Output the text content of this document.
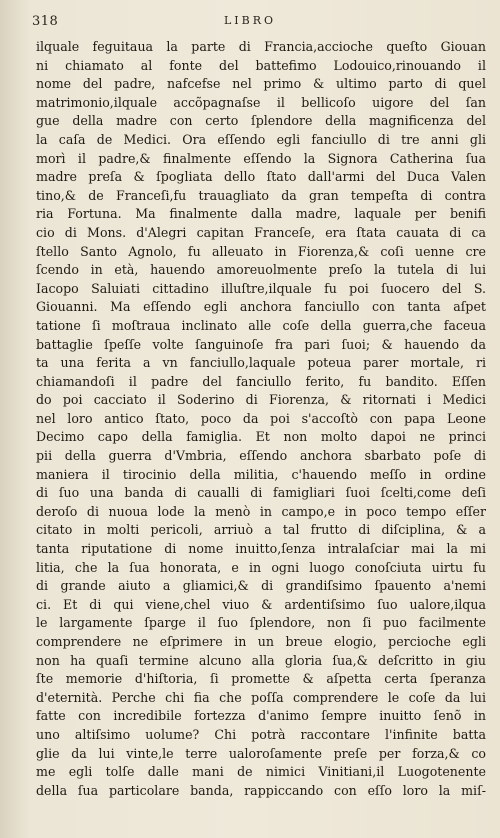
318	LIBRO
ilquale feguitaua la parte di Francia,accioche queſto Giouan
ni chiamato al fonte del battefimo Lodouico,rinouando il
nome del padre, nafcefse nel primo & ultimo parto di quel
matrimonio,ilquale accõpagnaſse il bellicoſo uigore del ſan
gue della madre con certo ſplendore della magnificenza del
la caſa de Medici. Ora eſſendo egli fanciullo di tre anni gli
morì il padre,& finalmente eſſendo la Signora Catherina ſua
madre preſa & ſpogliata dello ſtato dall'armi del Duca Valen
tino,& de Franceſi,fu trauagliato da gran tempeſta di contra
ria Fortuna. Ma finalmente dalla madre, laquale per benifi
cio di Mons. d'Alegri capitan Franceſe, era ſtata cauata di ca
ſtello Santo Agnolo, fu alleuato in Fiorenza,& coſi uenne cre
ſcendo in età, hauendo amoreuolmente preſo la tutela di lui
Iacopo Saluiati cittadino illuſtre,ilquale fu poi ſuocero del S.
Giouanni. Ma eſſendo egli anchora fanciullo con tanta aſpet
tatione ſi moſtraua inclinato alle coſe della guerra,che faceua
battaglie ſpeſſe volte ſanguinoſe fra pari ſuoi; & hauendo da
ta una ferita a vn fanciullo,laquale poteua parer mortale, ri
chiamandoſi il padre del fanciullo ferito, fu bandito. Eſſen
do poi cacciato il Soderino di Fiorenza, & ritornati i Medici
nel loro antico ſtato, poco da poi s'accoſtò con papa Leone
Decimo capo della famiglia. Et non molto dapoi ne princi
pii della guerra d'Vmbria, eſſendo anchora sbarbato poſe di
maniera il tirocinio della militia, c'hauendo meſſo in ordine
di ſuo una banda di caualli di famigliari ſuoi ſcelti,come deſi
deroſo di nuoua lode la menò in campo,e in poco tempo eſſer
citato in molti pericoli, arriuò a tal frutto di diſciplina, & a
tanta riputatione di nome inuitto,ſenza intralaſciar mai la mi
litia, che la ſua honorata, e in ogni luogo conoſciuta uirtu fu
di grande aiuto a gliamici,& di grandiſsimo ſpauento a'nemi
ci. Et di qui viene,chel viuo & ardentiſsimo ſuo ualore,ilqua
le largamente ſparge il ſuo ſplendore, non ſi puo facilmente
comprendere ne eſprimere in un breue elogio, percioche egli
non ha quaſi termine alcuno alla gloria ſua,& deſcritto in giu
ſte memorie d'hiſtoria, ſi promette & aſpetta certa ſperanza
d'eternità. Perche chi fia che poſſa comprendere le coſe da lui
fatte con incredibile fortezza d'animo ſempre inuitto ſenõ in
uno altiſsimo uolume? Chi potrà raccontare l'infinite batta
glie da lui vinte,le terre ualoroſamente preſe per forza,& co
me egli tolſe dalle mani de nimici Vinitiani,il Luogotenente
della ſua particolare banda, rappiccando con eſſo loro la miſ-
